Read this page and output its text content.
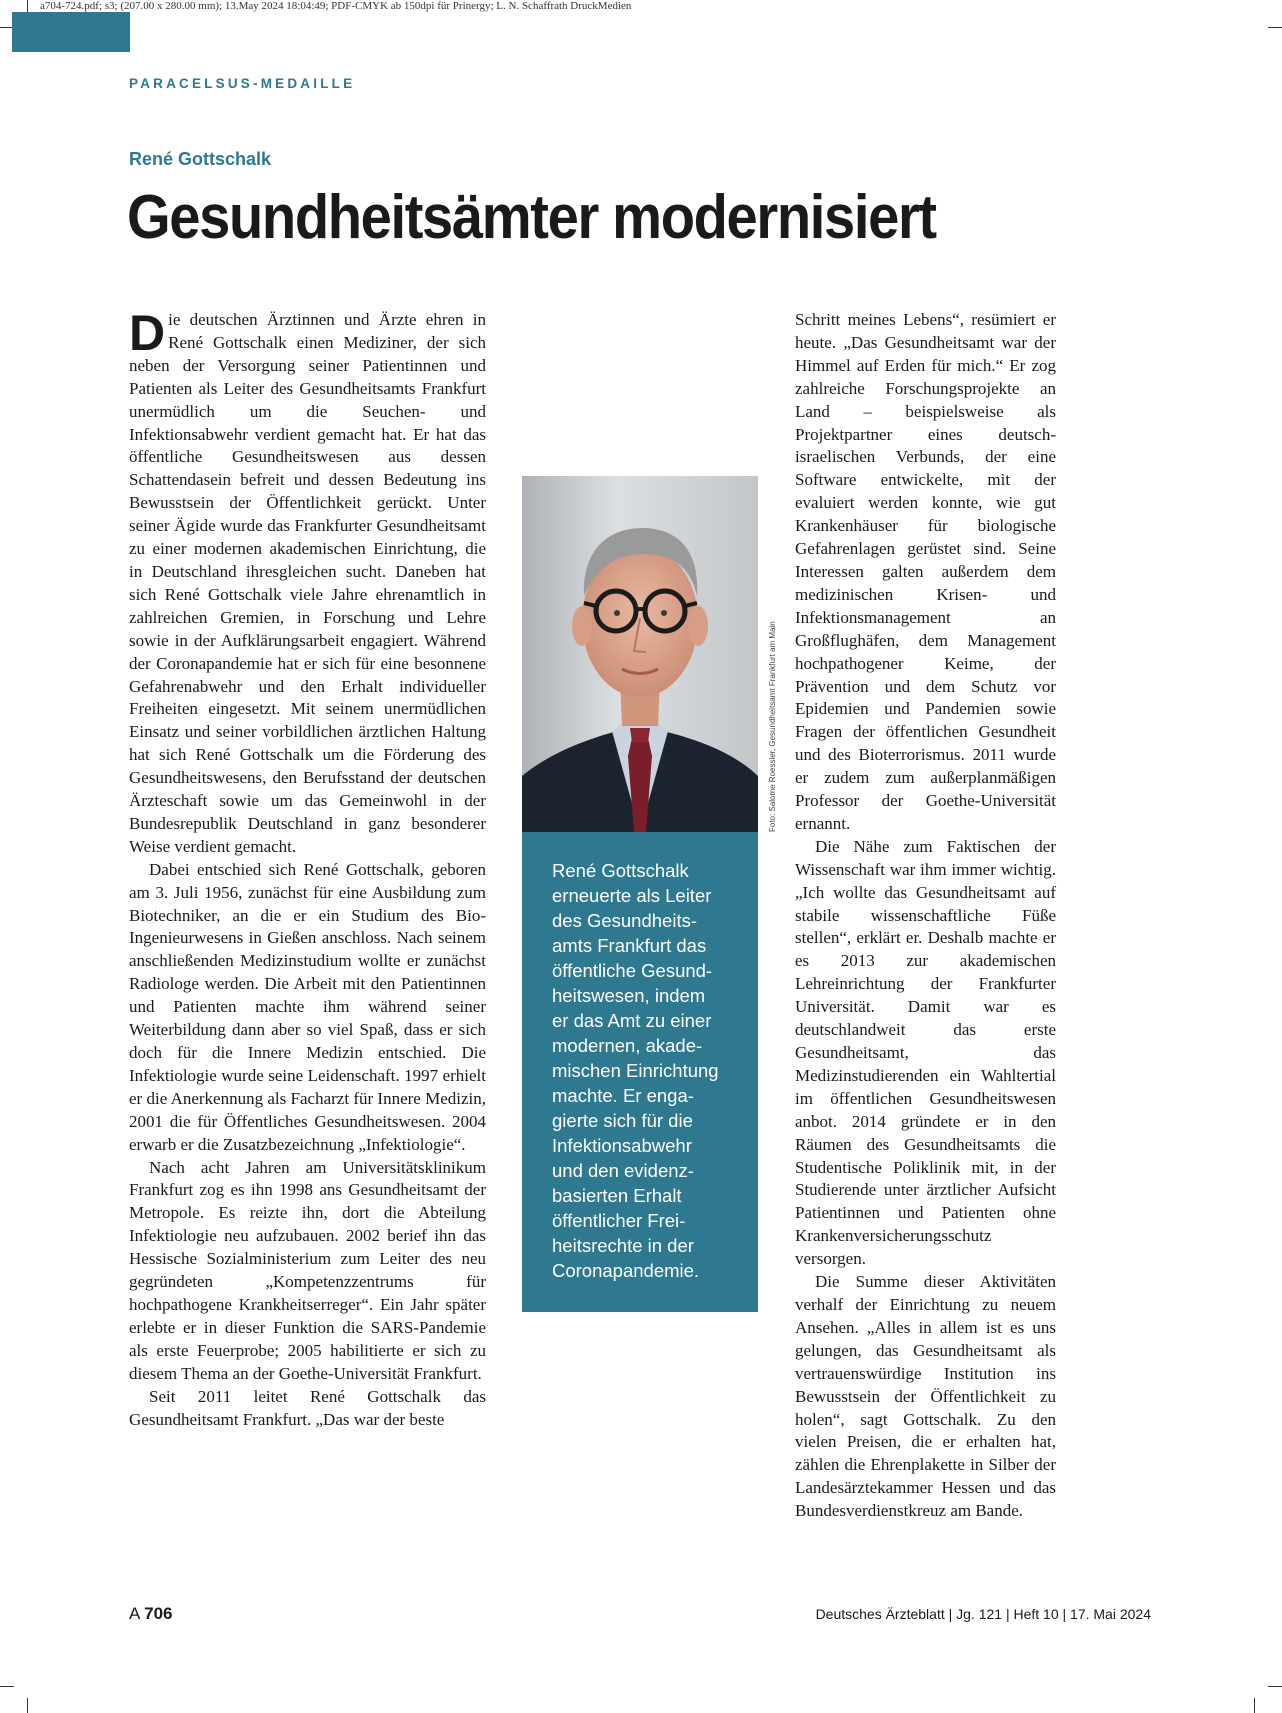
a704-724.pdf; s3; (207.00 x 280.00 mm); 13.May 2024 18:04:49; PDF-CMYK ab 150dpi für Prinergy; L. N. Schaffrath DruckMedien
PARACELSUS-MEDAILLE
René Gottschalk
Gesundheitsämter modernisiert

Die deutschen Ärztinnen und Ärzte ehren in René Gottschalk einen Mediziner, der sich neben der Versorgung seiner Patientinnen und Patienten als Leiter des Gesundheitsamts Frankfurt unermüdlich um die Seuchen- und Infektionsabwehr verdient gemacht hat. Er hat das öffentliche Gesundheitswesen aus dessen Schattendasein befreit und dessen Bedeutung ins Bewusstsein der Öffentlichkeit gerückt. Unter seiner Ägide wurde das Frankfurter Gesundheitsamt zu einer modernen akademischen Einrichtung, die in Deutschland ihresgleichen sucht. Daneben hat sich René Gottschalk viele Jahre ehrenamtlich in zahlreichen Gremien, in Forschung und Lehre sowie in der Aufklärungsarbeit engagiert. Während der Coronapandemie hat er sich für eine besonnene Gefahrenabwehr und den Erhalt individueller Freiheiten eingesetzt. Mit seinem unermüdlichen Einsatz und seiner vorbildlichen ärztlichen Haltung hat sich René Gottschalk um die Förderung des Gesundheitswesens, den Berufsstand der deutschen Ärzteschaft sowie um das Gemeinwohl in der Bundesrepublik Deutschland in ganz besonderer Weise verdient gemacht.

Dabei entschied sich René Gottschalk, geboren am 3. Juli 1956, zunächst für eine Ausbildung zum Biotechniker, an die er ein Studium des Bio-Ingenieurwesens in Gießen anschloss. Nach seinem anschließenden Medizinstudium wollte er zunächst Radiologe werden. Die Arbeit mit den Patientinnen und Patienten machte ihm während seiner Weiterbildung dann aber so viel Spaß, dass er sich doch für die Innere Medizin entschied. Die Infektiologie wurde seine Leidenschaft. 1997 erhielt er die Anerkennung als Facharzt für Innere Medizin, 2001 die für Öffentliches Gesundheitswesen. 2004 erwarb er die Zusatzbezeichnung „Infektiologie“.

Nach acht Jahren am Universitätsklinikum Frankfurt zog es ihn 1998 ans Gesundheitsamt der Metropole. Es reizte ihn, dort die Abteilung Infektiologie neu aufzubauen. 2002 berief ihn das Hessische Sozialministerium zum Leiter des neu gegründeten „Kompetenzzentrums für hochpathogene Krankheitserreger“. Ein Jahr später erlebte er in dieser Funktion die SARS-Pandemie als erste Feuerprobe; 2005 habilitierte er sich zu diesem Thema an der Goethe-Universität Frankfurt.

Seit 2011 leitet René Gottschalk das Gesundheitsamt Frankfurt. „Das war der beste

Foto: Salome Roessler, Gesundheitsamt Frankfurt am Main

René Gottschalk
erneuerte als Leiter
des Gesundheits-
amts Frankfurt das
öffentliche Gesund-
heitswesen, indem
er das Amt zu einer
modernen, akade-
mischen Einrichtung
machte. Er enga-
gierte sich für die
Infektionsabwehr
und den evidenz-
basierten Erhalt
öffentlicher Frei-
heitsrechte in der
Coronapandemie.

Schritt meines Lebens“, resümiert er heute. „Das Gesundheitsamt war der Himmel auf Erden für mich.“ Er zog zahlreiche Forschungsprojekte an Land – beispielsweise als Projektpartner eines deutsch-israelischen Verbunds, der eine Software entwickelte, mit der evaluiert werden konnte, wie gut Krankenhäuser für biologische Gefahrenlagen gerüstet sind. Seine Interessen galten außerdem dem medizinischen Krisen- und Infektionsmanagement an Großflughäfen, dem Management hochpathogener Keime, der Prävention und dem Schutz vor Epidemien und Pandemien sowie Fragen der öffentlichen Gesundheit und des Bioterrorismus. 2011 wurde er zudem zum außerplanmäßigen Professor der Goethe-Universität ernannt.

Die Nähe zum Faktischen der Wissenschaft war ihm immer wichtig. „Ich wollte das Gesundheitsamt auf stabile wissenschaftliche Füße stellen“, erklärt er. Deshalb machte er es 2013 zur akademischen Lehreinrichtung der Frankfurter Universität. Damit war es deutschlandweit das erste Gesundheitsamt, das Medizinstudierenden ein Wahltertial im öffentlichen Gesundheitswesen anbot. 2014 gründete er in den Räumen des Gesundheitsamts die Studentische Poliklinik mit, in der Studierende unter ärztlicher Aufsicht Patientinnen und Patienten ohne Krankenversicherungsschutz versorgen.

Die Summe dieser Aktivitäten verhalf der Einrichtung zu neuem Ansehen. „Alles in allem ist es uns gelungen, das Gesundheitsamt als vertrauenswürdige Institution ins Bewusstsein der Öffentlichkeit zu holen“, sagt Gottschalk. Zu den vielen Preisen, die er erhalten hat, zählen die Ehrenplakette in Silber der Landesärztekammer Hessen und das Bundesverdienstkreuz am Bande.

A 706	Deutsches Ärzteblatt | Jg. 121 | Heft 10 | 17. Mai 2024
